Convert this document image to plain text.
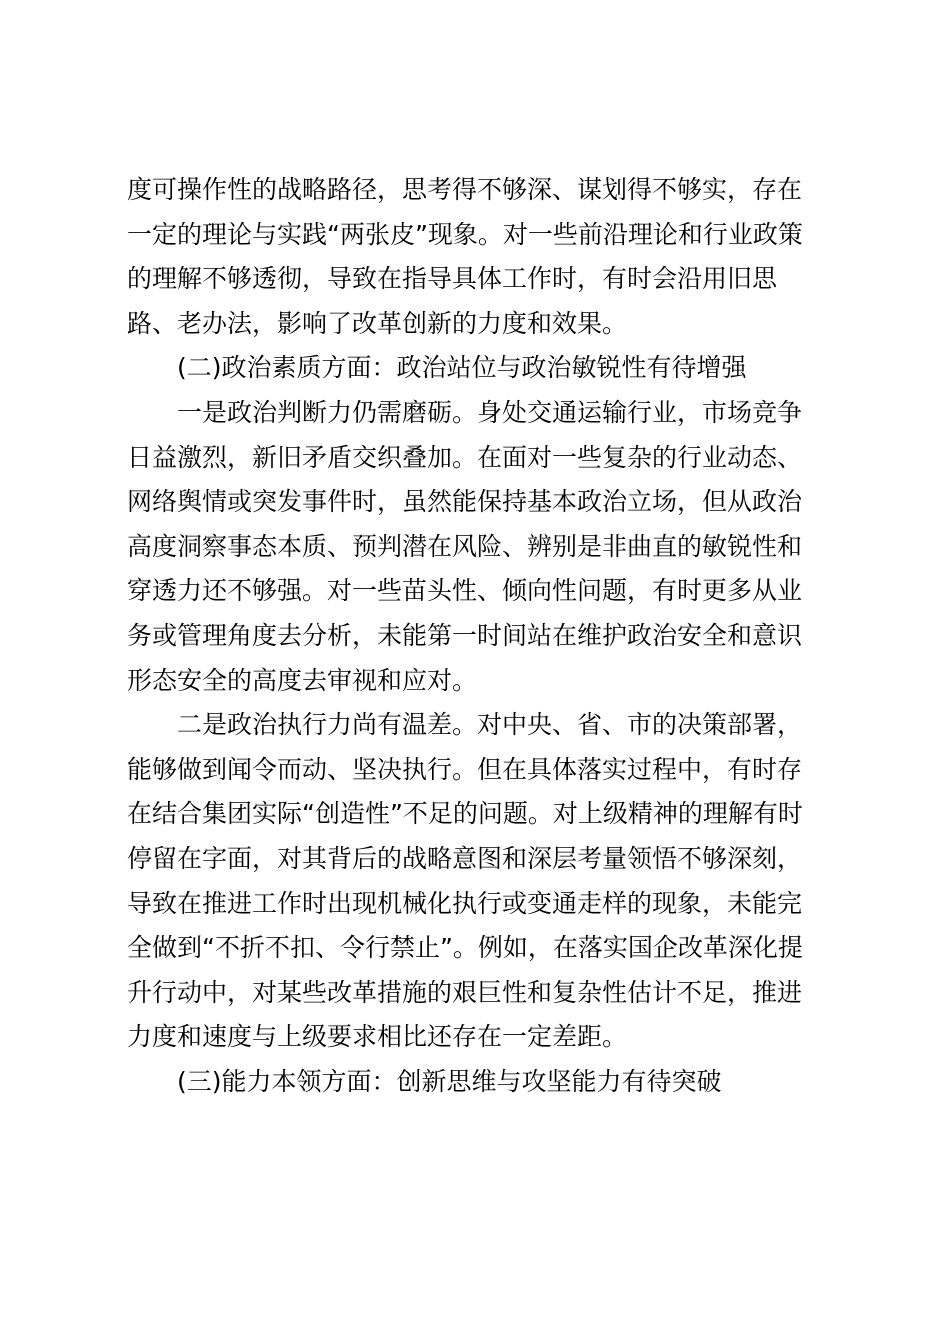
度可操作性的战略路径，思考得不够深、谋划得不够实，存在
一定的理论与实践“两张皮”现象。对一些前沿理论和行业政策
的理解不够透彻，导致在指导具体工作时，有时会沿用旧思
路、老办法，影响了改革创新的力度和效果。
(二)政治素质方面：政治站位与政治敏锐性有待增强
一是政治判断力仍需磨砺。身处交通运输行业，市场竞争
日益激烈，新旧矛盾交织叠加。在面对一些复杂的行业动态、
网络舆情或突发事件时，虽然能保持基本政治立场，但从政治
高度洞察事态本质、预判潜在风险、辨别是非曲直的敏锐性和
穿透力还不够强。对一些苗头性、倾向性问题，有时更多从业
务或管理角度去分析，未能第一时间站在维护政治安全和意识
形态安全的高度去审视和应对。
二是政治执行力尚有温差。对中央、省、市的决策部署，
能够做到闻令而动、坚决执行。但在具体落实过程中，有时存
在结合集团实际“创造性”不足的问题。对上级精神的理解有时
停留在字面，对其背后的战略意图和深层考量领悟不够深刻，
导致在推进工作时出现机械化执行或变通走样的现象，未能完
全做到“不折不扣、令行禁止”。例如，在落实国企改革深化提
升行动中，对某些改革措施的艰巨性和复杂性估计不足，推进
力度和速度与上级要求相比还存在一定差距。
(三)能力本领方面：创新思维与攻坚能力有待突破
